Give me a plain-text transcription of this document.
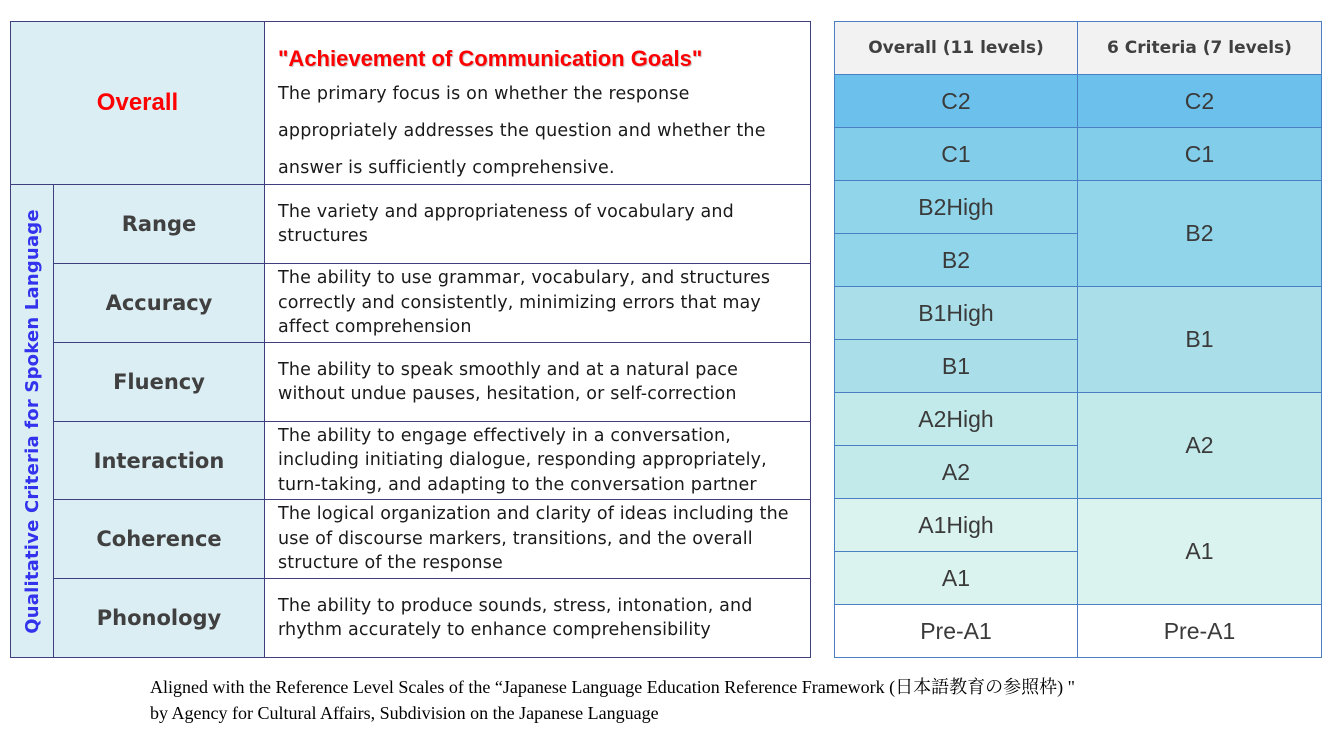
Overall
"Achievement of Communication Goals"
The primary focus is on whether the response appropriately addresses the question and whether the answer is sufficiently comprehensive.
Qualitative Criteria for Spoken Language	Range
The variety and appropriateness of vocabulary and structures
Accuracy
The ability to use grammar, vocabulary, and structures correctly and consistently, minimizing errors that may affect comprehension
Fluency
The ability to speak smoothly and at a natural pace without undue pauses, hesitation, or self-correction
Interaction
The ability to engage effectively in a conversation, including initiating dialogue, responding appropriately, turn-taking, and adapting to the conversation partner
Coherence
The logical organization and clarity of ideas including the use of discourse markers, transitions, and the overall structure of the response
Phonology
The ability to produce sounds, stress, intonation, and rhythm accurately to enhance comprehensibility
Overall (11 levels)	6 Criteria (7 levels)
C2
C1
B2High
B2
B1High
B1
A2High
A2
A1High
A1
Pre-A1
C2
C1
B2
B1
A2
A1
Pre-A1
Aligned with the Reference Level Scales of the “Japanese Language Education Reference Framework (日本語教育の参照枠) "
by Agency for Cultural Affairs, Subdivision on the Japanese Language
